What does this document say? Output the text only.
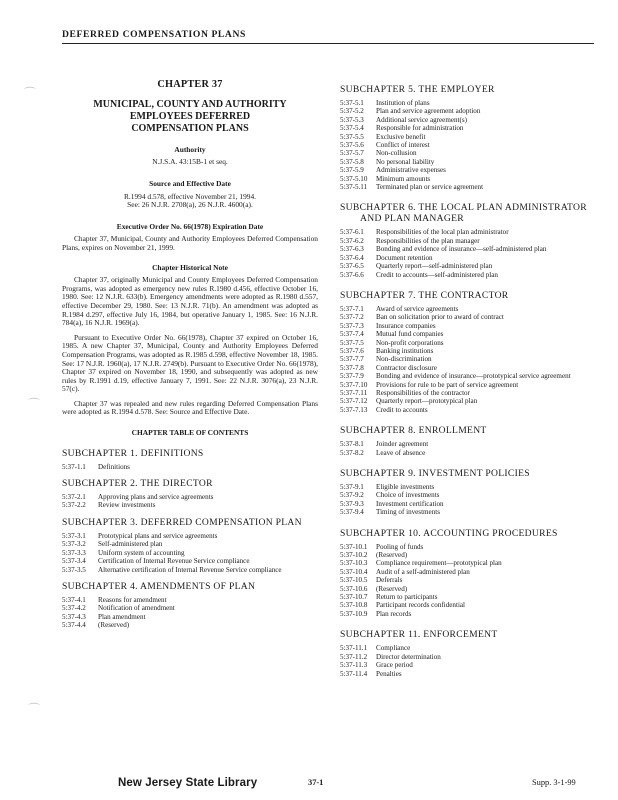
DEFERRED COMPENSATION PLANS
⌒
⌒
⌒
CHAPTER 37
MUNICIPAL, COUNTY AND AUTHORITY
EMPLOYEES DEFERRED
COMPENSATION PLANS
Authority
N.J.S.A. 43:15B-1 et seq.
Source and Effective Date
R.1994 d.578, effective November 21, 1994.
See: 26 N.J.R. 2708(a), 26 N.J.R. 4600(a).
Executive Order No. 66(1978) Expiration Date
Chapter 37, Municipal, County and Authority Employees Deferred Compensation Plans, expires on November 21, 1999.
Chapter Historical Note
Chapter 37, originally Municipal and County Employees Deferred Compensation Programs, was adopted as emergency new rules R.1980 d.456, effective October 16, 1980. See: 12 N.J.R. 633(b). Emergency amendments were adopted as R.1980 d.557, effective December 29, 1980. See: 13 N.J.R. 71(b). An amendment was adopted as R.1984 d.297, effective July 16, 1984, but operative January 1, 1985. See: 16 N.J.R. 784(a), 16 N.J.R. 1969(a).
Pursuant to Executive Order No. 66(1978), Chapter 37 expired on October 16, 1985. A new Chapter 37, Municipal, County and Authority Employees Deferred Compensation Programs, was adopted as R.1985 d.598, effective November 18, 1985. See: 17 N.J.R. 1960(a), 17 N.J.R. 2749(b). Pursuant to Executive Order No. 66(1978), Chapter 37 expired on November 18, 1990, and subsequently was adopted as new rules by R.1991 d.19, effective January 7, 1991. See: 22 N.J.R. 3076(a), 23 N.J.R. 57(c).
Chapter 37 was repealed and new rules regarding Deferred Compensation Plans were adopted as R.1994 d.578. See: Source and Effective Date.
CHAPTER TABLE OF CONTENTS
SUBCHAPTER 1. DEFINITIONS
5:37-1.1	Definitions
SUBCHAPTER 2. THE DIRECTOR
5:37-2.1	Approving plans and service agreements
5:37-2.2	Review investments
SUBCHAPTER 3. DEFERRED COMPENSATION PLAN
5:37-3.1	Prototypical plans and service agreements
5:37-3.2	Self-administered plan
5:37-3.3	Uniform system of accounting
5:37-3.4	Certification of Internal Revenue Service compliance
5:37-3.5	Alternative certification of Internal Revenue Service compliance
SUBCHAPTER 4. AMENDMENTS OF PLAN
5:37-4.1	Reasons for amendment
5:37-4.2	Notification of amendment
5:37-4.3	Plan amendment
5:37-4.4	(Reserved)
SUBCHAPTER 5. THE EMPLOYER
5:37-5.1	Institution of plans
5:37-5.2	Plan and service agreement adoption
5:37-5.3	Additional service agreement(s)
5:37-5.4	Responsible for administration
5:37-5.5	Exclusive benefit
5:37-5.6	Conflict of interest
5:37-5.7	Non-collusion
5:37-5.8	No personal liability
5:37-5.9	Administrative expenses
5:37-5.10	Minimum amounts
5:37-5.11	Terminated plan or service agreement
SUBCHAPTER 6. THE LOCAL PLAN ADMINISTRATOR
AND PLAN MANAGER
5:37-6.1	Responsibilities of the local plan administrator
5:37-6.2	Responsibilities of the plan manager
5:37-6.3	Bonding and evidence of insurance—self-administered plan
5:37-6.4	Document retention
5:37-6.5	Quarterly report—self-administered plan
5:37-6.6	Credit to accounts—self-administered plan
SUBCHAPTER 7. THE CONTRACTOR
5:37-7.1	Award of service agreements
5:37-7.2	Ban on solicitation prior to award of contract
5:37-7.3	Insurance companies
5:37-7.4	Mutual fund companies
5:37-7.5	Non-profit corporations
5:37-7.6	Banking institutions
5:37-7.7	Non-discrimination
5:37-7.8	Contractor disclosure
5:37-7.9	Bonding and evidence of insurance—prototypical service agreement
5:37-7.10	Provisions for rule to be part of service agreement
5:37-7.11	Responsibilities of the contractor
5:37-7.12	Quarterly report—prototypical plan
5:37-7.13	Credit to accounts
SUBCHAPTER 8. ENROLLMENT
5:37-8.1	Joinder agreement
5:37-8.2	Leave of absence
SUBCHAPTER 9. INVESTMENT POLICIES
5:37-9.1	Eligible investments
5:37-9.2	Choice of investments
5:37-9.3	Investment certification
5:37-9.4	Timing of investments
SUBCHAPTER 10. ACCOUNTING PROCEDURES
5:37-10.1	Pooling of funds
5:37-10.2	(Reserved)
5:37-10.3	Compliance requirement—prototypical plan
5:37-10.4	Audit of a self-administered plan
5:37-10.5	Deferrals
5:37-10.6	(Reserved)
5:37-10.7	Return to participants
5:37-10.8	Participant records confidential
5:37-10.9	Plan records
SUBCHAPTER 11. ENFORCEMENT
5:37-11.1	Compliance
5:37-11.2	Director determination
5:37-11.3	Grace period
5:37-11.4	Penalties
New Jersey State Library	37-1	Supp. 3-1-99
